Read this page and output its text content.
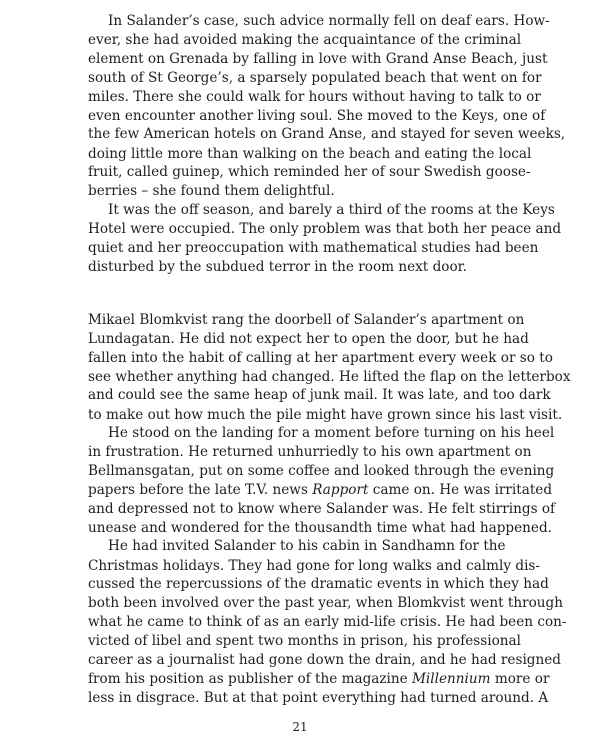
In Salander’s case, such advice normally fell on deaf ears. How-

ever, she had avoided making the acquaintance of the criminal

element on Grenada by falling in love with Grand Anse Beach, just

south of St George’s, a sparsely populated beach that went on for

miles. There she could walk for hours without having to talk to or

even encounter another living soul. She moved to the Keys, one of

the few American hotels on Grand Anse, and stayed for seven weeks,

doing little more than walking on the beach and eating the local

fruit, called guinep, which reminded her of sour Swedish goose-

berries – she found them delightful.

It was the off season, and barely a third of the rooms at the Keys

Hotel were occupied. The only problem was that both her peace and

quiet and her preoccupation with mathematical studies had been

disturbed by the subdued terror in the room next door.

Mikael Blomkvist rang the doorbell of Salander’s apartment on

Lundagatan. He did not expect her to open the door, but he had

fallen into the habit of calling at her apartment every week or so to

see whether anything had changed. He lifted the flap on the letterbox

and could see the same heap of junk mail. It was late, and too dark

to make out how much the pile might have grown since his last visit.

He stood on the landing for a moment before turning on his heel

in frustration. He returned unhurriedly to his own apartment on

Bellmansgatan, put on some coffee and looked through the evening

papers before the late T.V. news Rapport came on. He was irritated

and depressed not to know where Salander was. He felt stirrings of

unease and wondered for the thousandth time what had happened.

He had invited Salander to his cabin in Sandhamn for the

Christmas holidays. They had gone for long walks and calmly dis-

cussed the repercussions of the dramatic events in which they had

both been involved over the past year, when Blomkvist went through

what he came to think of as an early mid-life crisis. He had been con-

victed of libel and spent two months in prison, his professional

career as a journalist had gone down the drain, and he had resigned

from his position as publisher of the magazine Millennium more or

less in disgrace. But at that point everything had turned around. A

21
